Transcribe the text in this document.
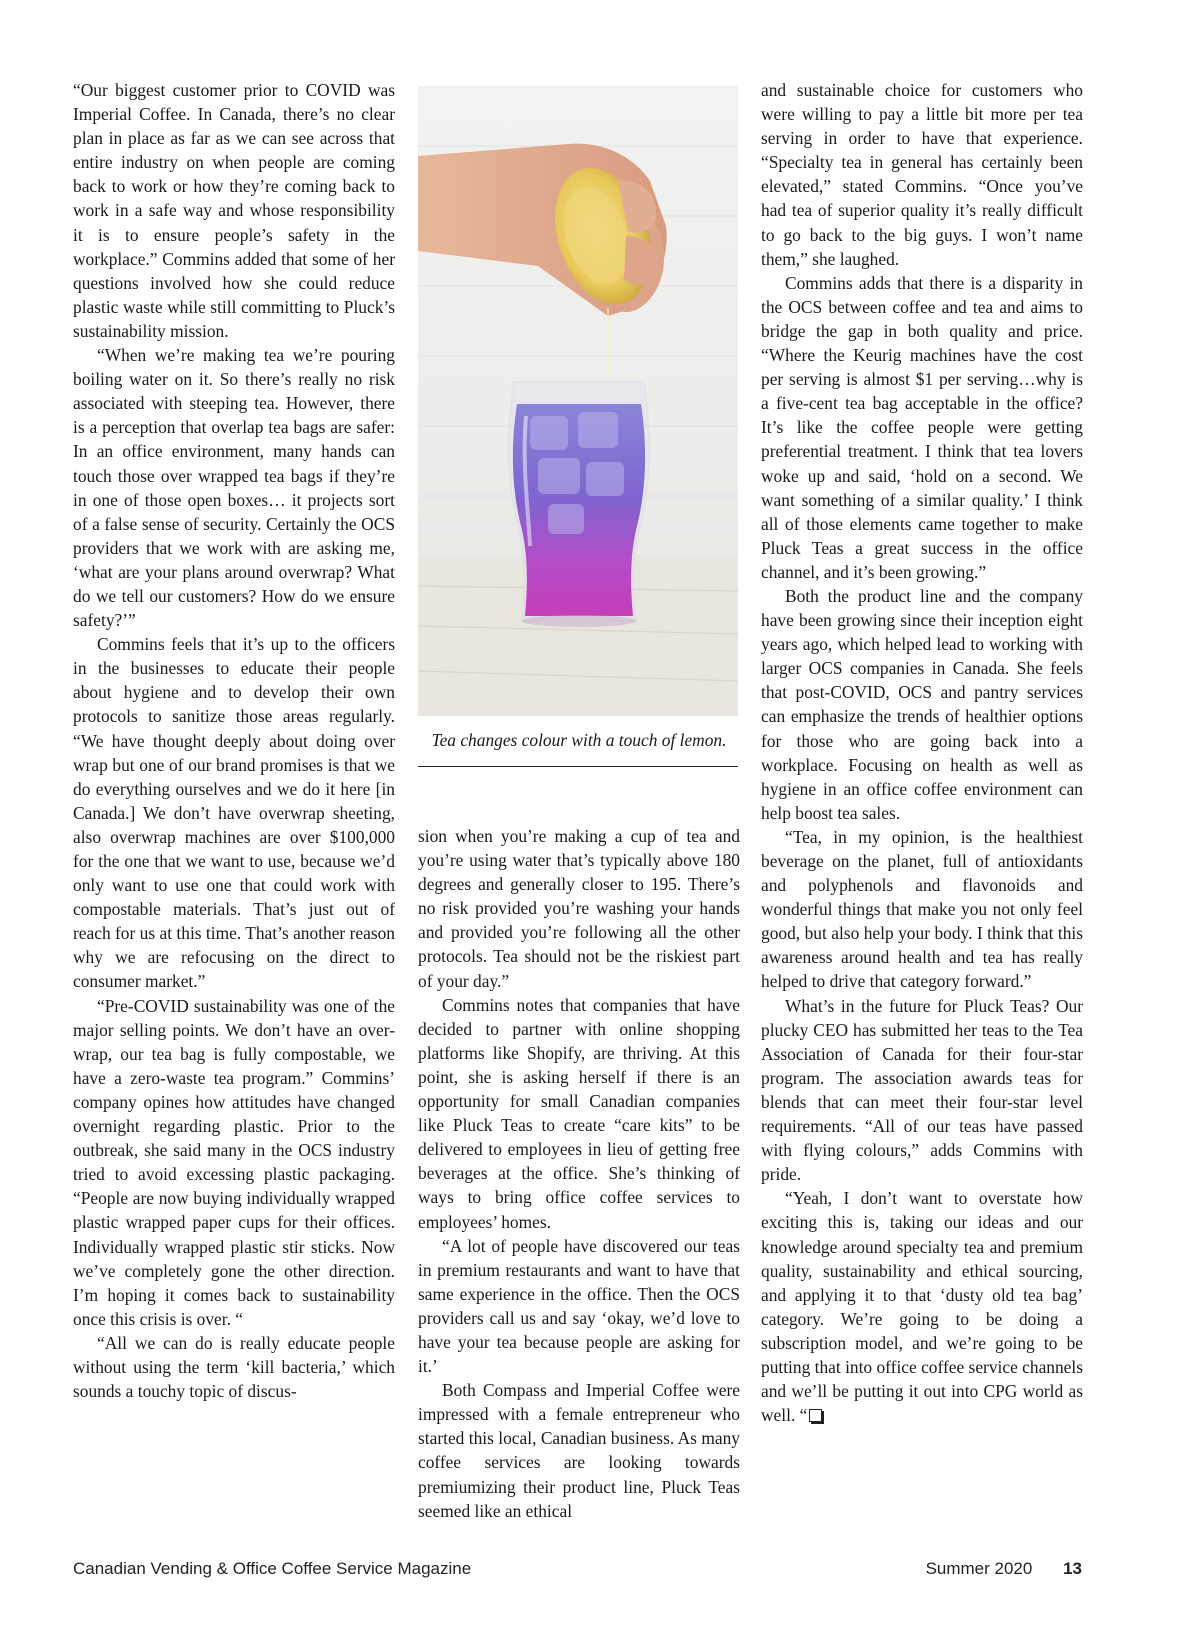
“Our biggest customer prior to COVID was Imperial Coffee. In Canada, there’s no clear plan in place as far as we can see across that entire industry on when people are coming back to work or how they’re coming back to work in a safe way and whose responsibility it is to ensure people’s safety in the workplace.” Commins added that some of her questions involved how she could reduce plastic waste while still committing to Pluck’s sustainability mission.

“When we’re making tea we’re pouring boiling water on it. So there’s really no risk associated with steeping tea. However, there is a perception that overlap tea bags are safer: In an office environment, many hands can touch those over wrapped tea bags if they’re in one of those open boxes… it projects sort of a false sense of security. Certainly the OCS providers that we work with are asking me, ‘what are your plans around overwrap? What do we tell our customers? How do we ensure safety?’”

Commins feels that it’s up to the officers in the businesses to educate their people about hygiene and to develop their own protocols to sanitize those areas regularly. “We have thought deeply about doing over wrap but one of our brand promises is that we do everything ourselves and we do it here [in Canada.] We don’t have overwrap sheeting, also overwrap machines are over $100,000 for the one that we want to use, because we’d only want to use one that could work with compostable materials. That’s just out of reach for us at this time. That’s another reason why we are refocusing on the direct to consumer market.”

“Pre-COVID sustainability was one of the major selling points. We don’t have an over-wrap, our tea bag is fully compostable, we have a zero-waste tea program.” Commins’ company opines how attitudes have changed overnight regarding plastic. Prior to the outbreak, she said many in the OCS industry tried to avoid excessing plastic packaging. “People are now buying individually wrapped plastic wrapped paper cups for their offices. Individually wrapped plastic stir sticks. Now we’ve completely gone the other direction. I’m hoping it comes back to sustainability once this crisis is over. “

“All we can do is really educate people without using the term ‘kill bacteria,’ which sounds a touchy topic of discus-

Tea changes colour with a touch of lemon.

sion when you’re making a cup of tea and you’re using water that’s typically above 180 degrees and generally closer to 195. There’s no risk provided you’re washing your hands and provided you’re following all the other protocols. Tea should not be the riskiest part of your day.”

Commins notes that companies that have decided to partner with online shopping platforms like Shopify, are thriving. At this point, she is asking herself if there is an opportunity for small Canadian companies like Pluck Teas to create “care kits” to be delivered to employees in lieu of getting free beverages at the office. She’s thinking of ways to bring office coffee services to employees’ homes.

“A lot of people have discovered our teas in premium restaurants and want to have that same experience in the office. Then the OCS providers call us and say ‘okay, we’d love to have your tea because people are asking for it.’

Both Compass and Imperial Coffee were impressed with a female entrepreneur who started this local, Canadian business. As many coffee services are looking towards premiumizing their product line, Pluck Teas seemed like an ethical

and sustainable choice for customers who were willing to pay a little bit more per tea serving in order to have that experience. “Specialty tea in general has certainly been elevated,” stated Commins. “Once you’ve had tea of superior quality it’s really difficult to go back to the big guys. I won’t name them,” she laughed.

Commins adds that there is a disparity in the OCS between coffee and tea and aims to bridge the gap in both quality and price. “Where the Keurig machines have the cost per serving is almost $1 per serving…why is a five-cent tea bag acceptable in the office? It’s like the coffee people were getting preferential treatment. I think that tea lovers woke up and said, ‘hold on a second. We want something of a similar quality.’ I think all of those elements came together to make Pluck Teas a great success in the office channel, and it’s been growing.”

Both the product line and the company have been growing since their inception eight years ago, which helped lead to working with larger OCS companies in Canada. She feels that post-COVID, OCS and pantry services can emphasize the trends of healthier options for those who are going back into a workplace. Focusing on health as well as hygiene in an office coffee environment can help boost tea sales.

“Tea, in my opinion, is the healthiest beverage on the planet, full of antioxidants and polyphenols and flavonoids and wonderful things that make you not only feel good, but also help your body. I think that this awareness around health and tea has really helped to drive that category forward.”

What’s in the future for Pluck Teas? Our plucky CEO has submitted her teas to the Tea Association of Canada for their four-star program. The association awards teas for blends that can meet their four-star level requirements. “All of our teas have passed with flying colours,” adds Commins with pride.

“Yeah, I don’t want to overstate how exciting this is, taking our ideas and our knowledge around specialty tea and premium quality, sustainability and ethical sourcing, and applying it to that ‘dusty old tea bag’ category. We’re going to be doing a subscription model, and we’re going to be putting that into office coffee service channels and we’ll be putting it out into CPG world as well. “

Canadian Vending & Office Coffee Service Magazine	Summer 2020 13
